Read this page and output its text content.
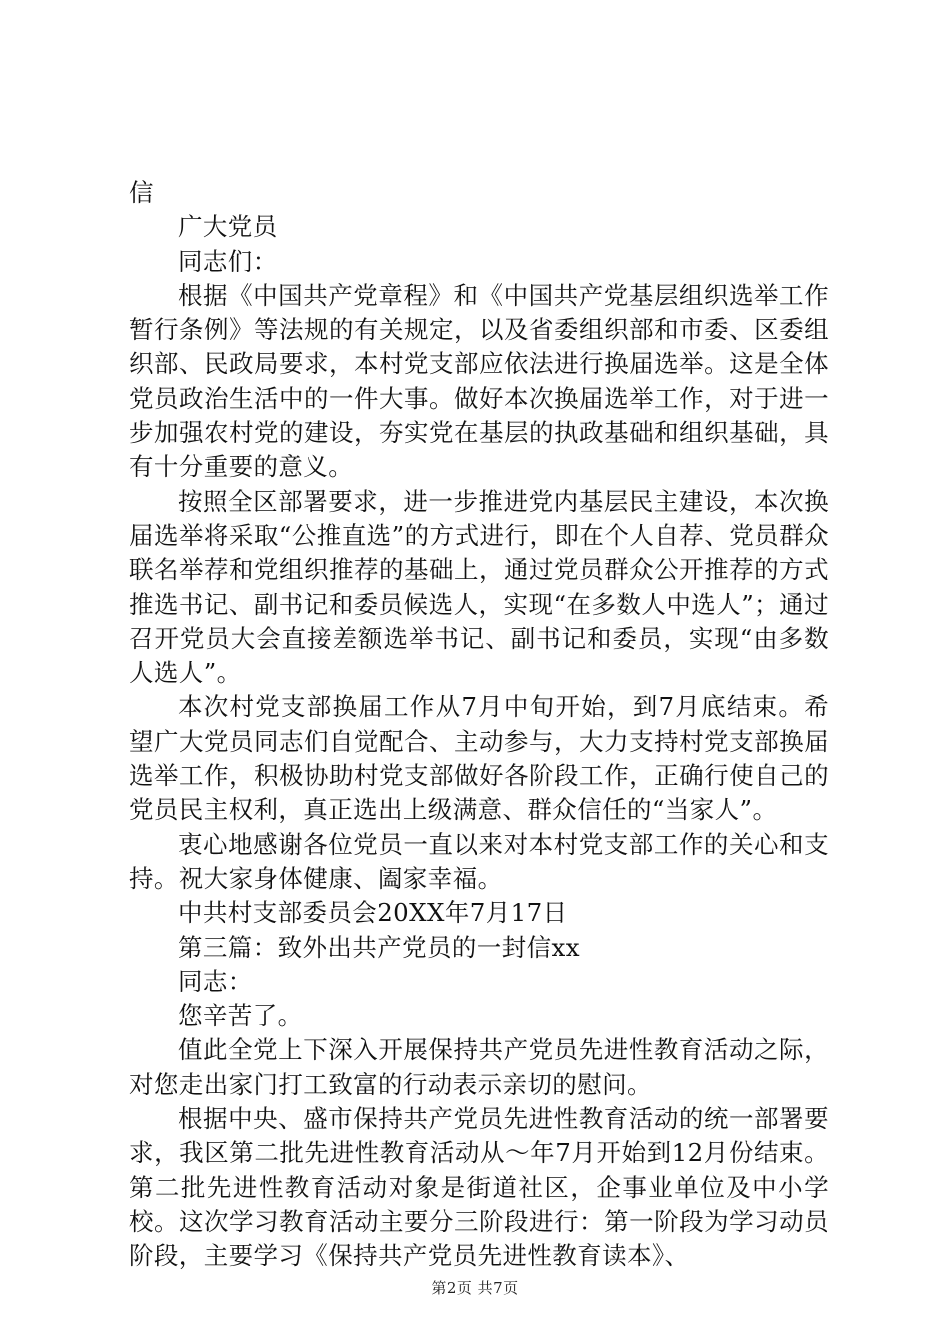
信

广大党员

同志们：

根据《中国共产党章程》和《中国共产党基层组织选举工作暂行条例》等法规的有关规定，以及省委组织部和市委、区委组织部、民政局要求，本村党支部应依法进行换届选举。这是全体党员政治生活中的一件大事。做好本次换届选举工作，对于进一步加强农村党的建设，夯实党在基层的执政基础和组织基础，具有十分重要的意义。

按照全区部署要求，进一步推进党内基层民主建设，本次换届选举将采取“公推直选”的方式进行，即在个人自荐、党员群众联名举荐和党组织推荐的基础上，通过党员群众公开推荐的方式推选书记、副书记和委员候选人，实现“在多数人中选人”；通过召开党员大会直接差额选举书记、副书记和委员，实现“由多数人选人”。

本次村党支部换届工作从7月中旬开始，到7月底结束。希望广大党员同志们自觉配合、主动参与，大力支持村党支部换届选举工作，积极协助村党支部做好各阶段工作，正确行使自己的党员民主权利，真正选出上级满意、群众信任的“当家人”。

衷心地感谢各位党员一直以来对本村党支部工作的关心和支持。祝大家身体健康、阖家幸福。

中共村支部委员会20XX年7月17日

第三篇：致外出共产党员的一封信xx

同志：

您辛苦了。

值此全党上下深入开展保持共产党员先进性教育活动之际，对您走出家门打工致富的行动表示亲切的慰问。

根据中央、盛市保持共产党员先进性教育活动的统一部署要求，我区第二批先进性教育活动从～年7月开始到12月份结束。第二批先进性教育活动对象是街道社区，企事业单位及中小学校。这次学习教育活动主要分三阶段进行：第一阶段为学习动员阶段，主要学习《保持共产党员先进性教育读本》、

第2页 共7页
